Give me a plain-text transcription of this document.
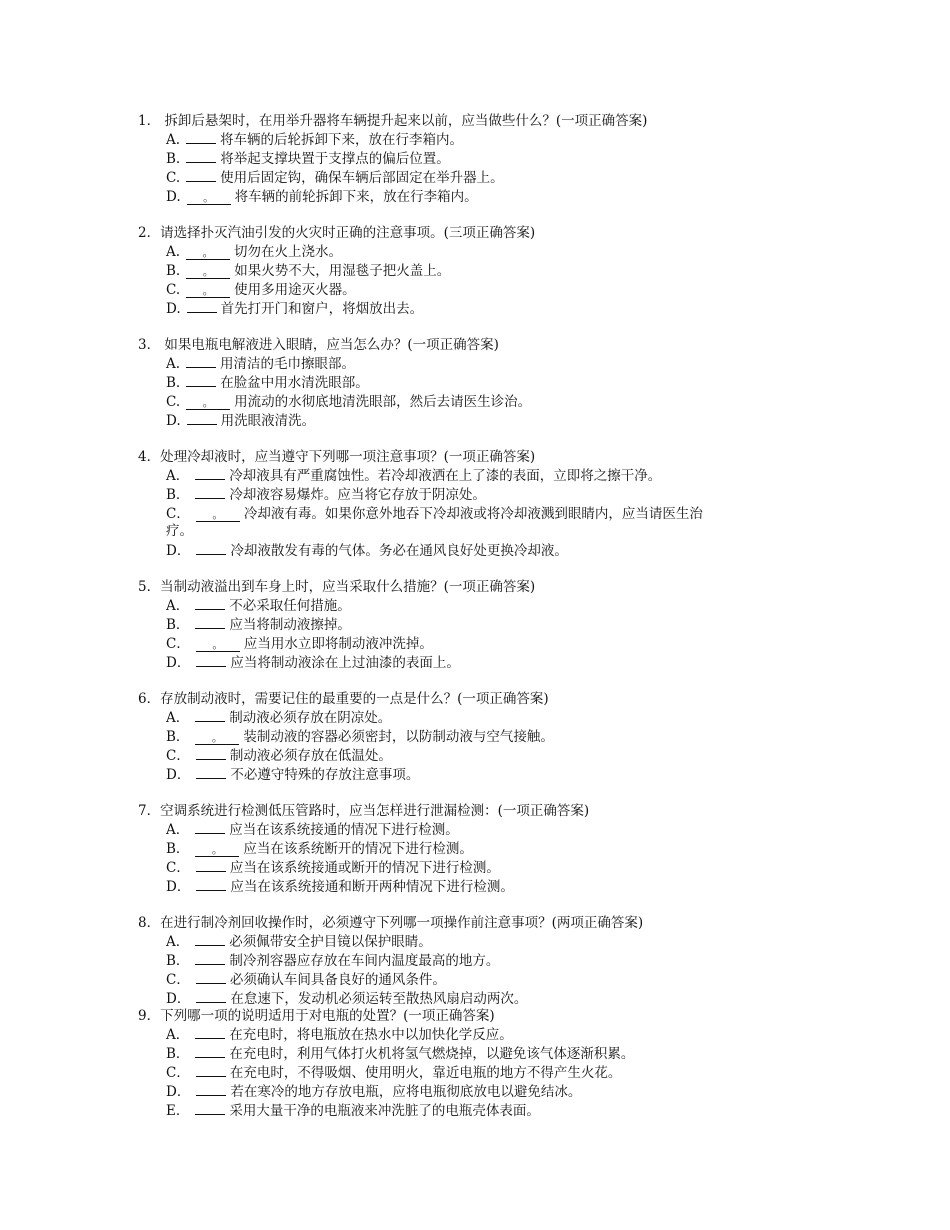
1． 拆卸后悬架时，在用举升器将车辆提升起来以前，应当做些什么？(一项正确答案)
A.	将车辆的后轮拆卸下来，放在行李箱内。
B.	将举起支撑块置于支撑点的偏后位置。
C.	使用后固定钩，确保车辆后部固定在举升器上。
D. 。 将车辆的前轮拆卸下来，放在行李箱内。
2．请选择扑灭汽油引发的火灾时正确的注意事项。(三项正确答案)
A. 。 切勿在火上浇水。
B. 。 如果火势不大，用湿毯子把火盖上。
C. 。 使用多用途灭火器。
D.	首先打开门和窗户，将烟放出去。
3． 如果电瓶电解液进入眼睛，应当怎么办？(一项正确答案)
A.	用清洁的毛巾擦眼部。
B.	在脸盆中用水清洗眼部。
C. 。 用流动的水彻底地清洗眼部，然后去请医生诊治。
D.	用洗眼液清洗。
4．处理冷却液时，应当遵守下列哪一项注意事项？(一项正确答案)
A．	冷却液具有严重腐蚀性。若冷却液洒在上了漆的表面，立即将之擦干净。
B．	冷却液容易爆炸。应当将它存放于阴凉处。
C． 。 冷却液有毒。如果你意外地吞下冷却液或将冷却液溅到眼睛内，应当请医生治
疗。
D．	冷却液散发有毒的气体。务必在通风良好处更换冷却液。
5．当制动液溢出到车身上时，应当采取什么措施？(一项正确答案)
A．	不必采取任何措施。
B．	应当将制动液擦掉。
C． 。 应当用水立即将制动液冲洗掉。
D．	应当将制动液涂在上过油漆的表面上。
6．存放制动液时，需要记住的最重要的一点是什么？(一项正确答案)
A．	制动液必须存放在阴凉处。
B． 。 装制动液的容器必须密封，以防制动液与空气接触。
C．	制动液必须存放在低温处。
D．	不必遵守特殊的存放注意事项。
7．空调系统进行检测低压管路时，应当怎样进行泄漏检测：(一项正确答案)
A．	应当在该系统接通的情况下进行检测。
B． 。 应当在该系统断开的情况下进行检测。
C．	应当在该系统接通或断开的情况下进行检测。
D．	应当在该系统接通和断开两种情况下进行检测。
8．在进行制冷剂回收操作时，必须遵守下列哪一项操作前注意事项？(两项正确答案)
A．	必须佩带安全护目镜以保护眼睛。
B．	制冷剂容器应存放在车间内温度最高的地方。
C．	必须确认车间具备良好的通风条件。
D．	在怠速下，发动机必须运转至散热风扇启动两次。
9．下列哪一项的说明适用于对电瓶的处置？(一项正确答案)
A．	在充电时，将电瓶放在热水中以加快化学反应。
B．	在充电时，利用气体打火机将氢气燃烧掉，以避免该气体逐渐积累。
C．	在充电时，不得吸烟、使用明火，靠近电瓶的地方不得产生火花。
D．	若在寒冷的地方存放电瓶，应将电瓶彻底放电以避免结冰。
E．	采用大量干净的电瓶液来冲洗脏了的电瓶壳体表面。
